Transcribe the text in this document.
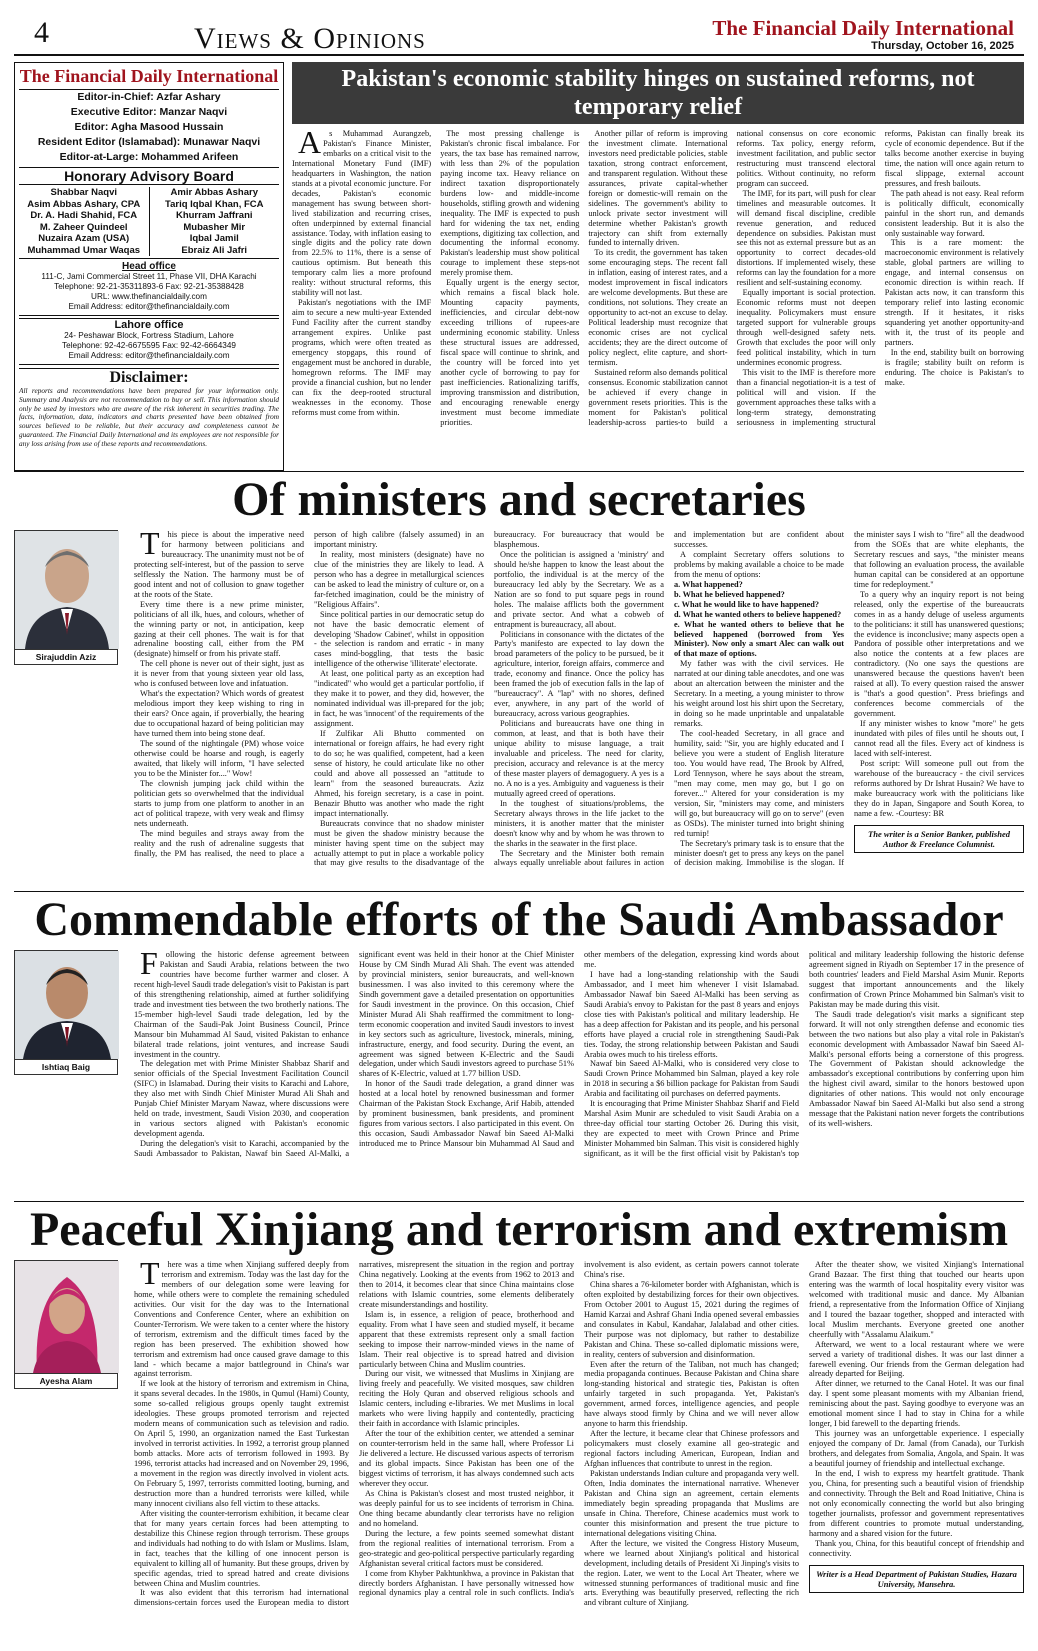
4	Views & Opinions	The Financial Daily International
Thursday, October 16, 2025
The Financial Daily International
Editor-in-Chief: Azfar Ashary
Executive Editor: Manzar Naqvi
Editor: Agha Masood Hussain
Resident Editor (Islamabad): Munawar Naqvi
Editor-at-Large: Mohammed Arifeen
Honorary Advisory Board
Shabbar Naqvi
Asim Abbas Ashary, CPA
Dr. A. Hadi Shahid, FCA
M. Zaheer Quindeel
Nuzaira Azam (USA)
Muhammad Umar Waqas
Amir Abbas Ashary
Tariq Iqbal Khan, FCA
Khurram Jaffrani
Mubasher Mir
Iqbal Jamil
Ebraiz Ali Jafri
Head office
111-C, Jami Commercial Street 11, Phase VII, DHA Karachi
Telephone: 92-21-35311893-6 Fax: 92-21-35388428
URL: www.thefinancialdaily.com
Email Address: editor@thefinancialdaily.com
Lahore office
24- Peshawar Block, Fortress Stadium, Lahore
Telephone: 92-42-6675595 Fax: 92-42-6664349
Email Address: editor@thefinancialdaily.com
Disclaimer:
All reports and recommendations have been prepared for your information only. Summary and Analysis are not recommendation to buy or sell. This information should only be used by investors who are aware of the risk inherent in securities trading. The facts, information, data, indicators and charts presented have been obtained from sources believed to be reliable, but their accuracy and completeness cannot be guaranteed. The Financial Daily International and its employees are not responsible for any loss arising from use of these reports and recommendations.
Pakistan's economic stability hinges on sustained reforms, not temporary relief

As Muhammad Aurangzeb, Pakistan's Finance Minister, embarks on a critical visit to the International Monetary Fund (IMF) headquarters in Washington, the nation stands at a pivotal economic juncture. For decades, Pakistan's economic management has swung between short-lived stabilization and recurring crises, often underpinned by external financial assistance. Today, with inflation easing to single digits and the policy rate down from 22.5% to 11%, there is a sense of cautious optimism. But beneath this temporary calm lies a more profound reality: without structural reforms, this stability will not last.

Pakistan's negotiations with the IMF aim to secure a new multi-year Extended Fund Facility after the current standby arrangement expires. Unlike past programs, which were often treated as emergency stopgaps, this round of engagement must be anchored in durable, homegrown reforms. The IMF may provide a financial cushion, but no lender can fix the deep-rooted structural weaknesses in the economy. Those reforms must come from within.

The most pressing challenge is Pakistan's chronic fiscal imbalance. For years, the tax base has remained narrow, with less than 2% of the population paying income tax. Heavy reliance on indirect taxation disproportionately burdens low- and middle-income households, stifling growth and widening inequality. The IMF is expected to push hard for widening the tax net, ending exemptions, digitizing tax collection, and documenting the informal economy. Pakistan's leadership must show political courage to implement these steps-not merely promise them.

Equally urgent is the energy sector, which remains a fiscal black hole. Mounting capacity payments, inefficiencies, and circular debt-now exceeding trillions of rupees-are undermining economic stability. Unless these structural issues are addressed, fiscal space will continue to shrink, and the country will be forced into yet another cycle of borrowing to pay for past inefficiencies. Rationalizing tariffs, improving transmission and distribution, and encouraging renewable energy investment must become immediate priorities.

Another pillar of reform is improving the investment climate. International investors need predictable policies, stable taxation, strong contract enforcement, and transparent regulation. Without these assurances, private capital-whether foreign or domestic-will remain on the sidelines. The government's ability to unlock private sector investment will determine whether Pakistan's growth trajectory can shift from externally funded to internally driven.

To its credit, the government has taken some encouraging steps. The recent fall in inflation, easing of interest rates, and a modest improvement in fiscal indicators are welcome developments. But these are conditions, not solutions. They create an opportunity to act-not an excuse to delay. Political leadership must recognize that economic crises are not cyclical accidents; they are the direct outcome of policy neglect, elite capture, and short-termism.

Sustained reform also demands political consensus. Economic stabilization cannot be achieved if every change in government resets priorities. This is the moment for Pakistan's political leadership-across parties-to build a national consensus on core economic reforms. Tax policy, energy reform, investment facilitation, and public sector restructuring must transcend electoral politics. Without continuity, no reform program can succeed.

The IMF, for its part, will push for clear timelines and measurable outcomes. It will demand fiscal discipline, credible revenue generation, and reduced dependence on subsidies. Pakistan must see this not as external pressure but as an opportunity to correct decades-old distortions. If implemented wisely, these reforms can lay the foundation for a more resilient and self-sustaining economy.

Equally important is social protection. Economic reforms must not deepen inequality. Policymakers must ensure targeted support for vulnerable groups through well-designed safety nets. Growth that excludes the poor will only feed political instability, which in turn undermines economic progress.

This visit to the IMF is therefore more than a financial negotiation-it is a test of political will and vision. If the government approaches these talks with a long-term strategy, demonstrating seriousness in implementing structural reforms, Pakistan can finally break its cycle of economic dependence. But if the talks become another exercise in buying time, the nation will once again return to fiscal slippage, external account pressures, and fresh bailouts.

The path ahead is not easy. Real reform is politically difficult, economically painful in the short run, and demands consistent leadership. But it is also the only sustainable way forward.

This is a rare moment: the macroeconomic environment is relatively stable, global partners are willing to engage, and internal consensus on economic direction is within reach. If Pakistan acts now, it can transform this temporary relief into lasting economic strength. If it hesitates, it risks squandering yet another opportunity-and with it, the trust of its people and partners.

In the end, stability built on borrowing is fragile; stability built on reform is enduring. The choice is Pakistan's to make.

Of ministers and secretaries
Sirajuddin Aziz

This piece is about the imperative need for harmony between politicians and bureaucracy. The unanimity must not be of protecting self-interest, but of the passion to serve selflessly the Nation. The harmony must be of good intent and not of collusion to gnaw together at the roots of the State.

Every time there is a new prime minister, politicians of all ilk, hues, and colours, whether of the winning party or not, in anticipation, keep gazing at their cell phones. The wait is for that adrenaline boosting call, either from the PM (designate) himself or from his private staff.

The cell phone is never out of their sight, just as it is never from that young sixteen year old lass, who is confused between love and infatuation.

What's the expectation? Which words of greatest melodious import they keep wishing to ring in their ears? Once again, if proverbially, the hearing due to occupational hazard of being politician may have turned them into being stone deaf.

The sound of the nightingale (PM) whose voice otherwise could be hoarse and rough, is eagerly awaited, that likely will inform, "I have selected you to be the Minister for...." Wow!

The clownish jumping jack child within the politician gets so overwhelmed that the individual starts to jump from one platform to another in an act of political trapeze, with very weak and flimsy nets underneath.

The mind beguiles and strays away from the reality and the rush of adrenaline suggests that finally, the PM has realised, the need to place a person of high calibre (falsely assumed) in an important ministry.

In reality, most ministers (designate) have no clue of the ministries they are likely to lead. A person who has a degree in metallurgical sciences can be asked to lead the ministry of culture or, on a far-fetched imagination, could be the ministry of "Religious Affairs".

Since political parties in our democratic setup do not have the basic democratic element of developing 'Shadow Cabinet', whilst in opposition - the selection is random and erratic - in many cases mind-boggling, that tests the basic intelligence of the otherwise 'illiterate' electorate.

At least, one political party as an exception had "indicated" who would get a particular portfolio, if they make it to power, and they did, however, the nominated individual was ill-prepared for the job; in fact, he was 'innocent' of the requirements of the assignment.

If Zulfikar Ali Bhutto commented on international or foreign affairs, he had every right to do so; he was qualified, competent, had a keen sense of history, he could articulate like no other could and above all possessed an "attitude to learn" from the seasoned bureaucrats. Aziz Ahmed, his foreign secretary, is a case in point. Benazir Bhutto was another who made the right impact internationally.

Bureaucrats convince that no shadow minister must be given the shadow ministry because the minister having spent time on the subject may actually attempt to put in place a workable policy that may give results to the disadvantage of the bureaucracy. For bureaucracy that would be blasphemous.

Once the politician is assigned a 'ministry' and should he/she happen to know the least about the portfolio, the individual is at the mercy of the bureaucracy led ably by the Secretary. We as a Nation are so fond to put square pegs in round holes. The malaise afflicts both the government and private sector. And what a cobweb of entrapment is bureaucracy, all about.

Politicians in consonance with the dictates of the Party's manifesto are expected to lay down the broad parameters of the policy to be pursued, be it agriculture, interior, foreign affairs, commerce and trade, economy and finance. Once the policy has been framed the job of execution falls in the lap of "bureaucracy". A "lap" with no shores, defined ever, anywhere, in any part of the world of bureaucracy, across various geographies.

Politicians and bureaucrats have one thing in common, at least, and that is both have their unique ability to misuse language, a trait invaluable and priceless. The need for clarity, precision, accuracy and relevance is at the mercy of these master players of demagoguery. A yes is a no. A no is a yes. Ambiguity and vagueness is their mutually agreed creed of operations.

In the toughest of situations/problems, the Secretary always throws in the life jacket to the ministers, it is another matter that the minister doesn't know why and by whom he was thrown to the sharks in the seawater in the first place.

The Secretary and the Minister both remain always equally unreliable about failures in action and implementation but are confident about successes.

A complaint Secretary offers solutions to problems by making available a choice to be made from the menu of options:

a. What happened?
b. What he believed happened?
c. What he would like to have happened?
d. What he wanted others to believe happened?
e. What he wanted others to believe that he believed happened (borrowed from Yes Minister). Now only a smart Alec can walk out of that maze of options.

My father was with the civil services. He narrated at our dining table anecdotes, and one was about an altercation between the minister and the Secretary. In a meeting, a young minister to throw his weight around lost his shirt upon the Secretary, in doing so he made unprintable and unpalatable remarks.

The cool-headed Secretary, in all grace and humility, said: "Sir, you are highly educated and I believe you were a student of English literature too. You would have read, The Brook by Alfred, Lord Tennyson, where he says about the stream, "men may come, men may go, but I go on forever..." Altered for your consideration is my version, Sir, "ministers may come, and ministers will go, but bureaucracy will go on to serve" (even as OSDs). The minister turned into bright shining red turnip!

The Secretary's primary task is to ensure that the minister doesn't get to press any keys on the panel of decision making. Immobilise is the slogan. If the minister says I wish to "fire" all the deadwood from the SOEs that are white elephants, the Secretary rescues and says, "the minister means that following an evaluation process, the available human capital can be considered at an opportune time for redeployment."

To a query why an inquiry report is not being released, only the expertise of the bureaucrats comes in as a handy deluge of useless arguments to the politicians: it still has unanswered questions; the evidence is inconclusive; many aspects open a Pandora of possible other interpretations and we also notice the contents at a few places are contradictory. (No one says the questions are unanswered because the questions haven't been raised at all). To every question raised the answer is "that's a good question". Press briefings and conferences become commercials of the government.

If any minister wishes to know "more" he gets inundated with piles of files until he shouts out, I cannot read all the files. Every act of kindness is laced with self-interest.

Post script: Will someone pull out from the warehouse of the bureaucracy - the civil services reforms authored by Dr Ishrat Husain? We have to make bureaucracy work with the politicians like they do in Japan, Singapore and South Korea, to name a few. -Courtesy: BR

The writer is a Senior Banker, published Author & Freelance Columnist.
Commendable efforts of the Saudi Ambassador
Ishtiaq Baig

Following the historic defense agreement between Pakistan and Saudi Arabia, relations between the two countries have become further warmer and closer. A recent high-level Saudi trade delegation's visit to Pakistan is part of this strengthening relationship, aimed at further solidifying trade and investment ties between the two brotherly nations. The 15-member high-level Saudi trade delegation, led by the Chairman of the Saudi-Pak Joint Business Council, Prince Mansour bin Muhammad Al Saud, visited Pakistan to enhance bilateral trade relations, joint ventures, and increase Saudi investment in the country.

The delegation met with Prime Minister Shabbaz Sharif and senior officials of the Special Investment Facilitation Council (SIFC) in Islamabad. During their visits to Karachi and Lahore, they also met with Sindh Chief Minister Murad Ali Shah and Punjab Chief Minister Maryam Nawaz, where discussions were held on trade, investment, Saudi Vision 2030, and cooperation in various sectors aligned with Pakistan's economic development agenda.

During the delegation's visit to Karachi, accompanied by the Saudi Ambassador to Pakistan, Nawaf bin Saeed Al-Malki, a significant event was held in their honor at the Chief Minister House by CM Sindh Murad Ali Shah. The event was attended by provincial ministers, senior bureaucrats, and well-known businessmen. I was also invited to this ceremony where the Sindh government gave a detailed presentation on opportunities for Saudi investment in the province. On this occasion, Chief Minister Murad Ali Shah reaffirmed the commitment to long-term economic cooperation and invited Saudi investors to invest in key sectors such as agriculture, livestock, minerals, mining, infrastructure, energy, and food security. During the event, an agreement was signed between K-Electric and the Saudi delegation, under which Saudi investors agreed to purchase 51% shares of K-Electric, valued at 1.77 billion USD.

In honor of the Saudi trade delegation, a grand dinner was hosted at a local hotel by renowned businessman and former Chairman of the Pakistan Stock Exchange, Arif Habib, attended by prominent businessmen, bank presidents, and prominent figures from various sectors. I also participated in this event. On this occasion, Saudi Ambassador Nawaf bin Saeed Al-Malki introduced me to Prince Mansour bin Muhammad Al Saud and other members of the delegation, expressing kind words about me.

I have had a long-standing relationship with the Saudi Ambassador, and I meet him whenever I visit Islamabad. Ambassador Nawaf bin Saeed Al-Malki has been serving as Saudi Arabia's envoy to Pakistan for the past 8 years and enjoys close ties with Pakistan's political and military leadership. He has a deep affection for Pakistan and its people, and his personal efforts have played a crucial role in strengthening Saudi-Pak ties. Today, the strong relationship between Pakistan and Saudi Arabia owes much to his tireless efforts.

Nawaf bin Saeed Al-Malki, who is considered very close to Saudi Crown Prince Mohammed bin Salman, played a key role in 2018 in securing a $6 billion package for Pakistan from Saudi Arabia and facilitating oil purchases on deferred payments.

It is encouraging that Prime Minister Shahbaz Sharif and Field Marshal Asim Munir are scheduled to visit Saudi Arabia on a three-day official tour starting October 26. During this visit, they are expected to meet with Crown Prince and Prime Minister Mohammed bin Salman. This visit is considered highly significant, as it will be the first official visit by Pakistan's top political and military leadership following the historic defense agreement signed in Riyadh on September 17 in the presence of both countries' leaders and Field Marshal Asim Munir. Reports suggest that important announcements and the likely confirmation of Crown Prince Mohammed bin Salman's visit to Pakistan may be made during this visit.

The Saudi trade delegation's visit marks a significant step forward. It will not only strengthen defense and economic ties between the two nations but also play a vital role in Pakistan's economic development with Ambassador Nawaf bin Saeed Al-Malki's personal efforts being a cornerstone of this progress. The Government of Pakistan should acknowledge the ambassador's exceptional contributions by conferring upon him the highest civil award, similar to the honors bestowed upon dignitaries of other nations. This would not only encourage Ambassador Nawaf bin Saeed Al-Malki but also send a strong message that the Pakistani nation never forgets the contributions of its well-wishers.

Peaceful Xinjiang and terrorism and extremism
Ayesha Alam

There was a time when Xinjiang suffered deeply from terrorism and extremism. Today was the last day for the members of our delegation some were leaving for home, while others were to complete the remaining scheduled activities. Our visit for the day was to the International Conventions and Conference Center, where an exhibition on Counter-Terrorism. We were taken to a center where the history of terrorism, extremism and the difficult times faced by the region has been preserved. The exhibition showed how terrorism and extremism had once caused grave damage to this land - which became a major battleground in China's war against terrorism.

If we look at the history of terrorism and extremism in China, it spans several decades. In the 1980s, in Qumul (Hami) County, some so-called religious groups openly taught extremist ideologies. These groups promoted terrorism and rejected modern means of communication such as television and radio. On April 5, 1990, an organization named the East Turkestan involved in terrorist activities. In 1992, a terrorist group planned bomb attacks. More acts of terrorism followed in 1993. By 1996, terrorist attacks had increased and on November 29, 1996, a movement in the region was directly involved in violent acts. On February 5, 1997, terrorists committed looting, burning, and destruction more than a hundred terrorists were killed, while many innocent civilians also fell victim to these attacks.

After visiting the counter-terrorism exhibition, it became clear that for many years certain forces had been attempting to destabilize this Chinese region through terrorism. These groups and individuals had nothing to do with Islam or Muslims. Islam, in fact, teaches that the killing of one innocent person is equivalent to killing all of humanity. But these groups, driven by specific agendas, tried to spread hatred and create divisions between China and Muslim countries.

It was also evident that this terrorism had international dimensions-certain forces used the European media to distort narratives, misrepresent the situation in the region and portray China negatively. Looking at the events from 1962 to 2013 and then to 2014, it becomes clear that since China maintains close relations with Islamic countries, some elements deliberately create misunderstandings and hostility.

Islam is, in essence, a religion of peace, brotherhood and equality. From what I have seen and studied myself, it became apparent that these extremists represent only a small faction seeking to impose their narrow-minded views in the name of Islam. Their real objective is to spread hatred and division particularly between China and Muslim countries.

During our visit, we witnessed that Muslims in Xinjiang are living freely and peacefully. We visited mosques, saw children reciting the Holy Quran and observed religious schools and Islamic centers, including e-libraries. We met Muslims in local markets who were living happily and contentedly, practicing their faith in accordance with Islamic principles.

After the tour of the exhibition center, we attended a seminar on counter-terrorism held in the same hall, where Professor Li Jie delivered a lecture. He discussed various aspects of terrorism and its global impacts. Since Pakistan has been one of the biggest victims of terrorism, it has always condemned such acts wherever they occur.

As China is Pakistan's closest and most trusted neighbor, it was deeply painful for us to see incidents of terrorism in China. One thing became abundantly clear terrorists have no religion and no homeland.

During the lecture, a few points seemed somewhat distant from the regional realities of international terrorism. From a geo-strategic and geo-political perspective particularly regarding Afghanistan several critical factors must be considered.

I come from Khyber Pakhtunkhwa, a province in Pakistan that directly borders Afghanistan. I have personally witnessed how regional dynamics play a central role in such conflicts. India's involvement is also evident, as certain powers cannot tolerate China's rise.

China shares a 76-kilometer border with Afghanistan, which is often exploited by destabilizing forces for their own objectives. From October 2001 to August 15, 2021 during the regimes of Hamid Karzai and Ashraf Ghani India opened several embassies and consulates in Kabul, Kandahar, Jalalabad and other cities. Their purpose was not diplomacy, but rather to destabilize Pakistan and China. These so-called diplomatic missions were, in reality, centers of subversion and disinformation.

Even after the return of the Taliban, not much has changed; media propaganda continues. Because Pakistan and China share long-standing historical and strategic ties, Pakistan is often unfairly targeted in such propaganda. Yet, Pakistan's government, armed forces, intelligence agencies, and people have always stood firmly by China and we will never allow anyone to harm this friendship.

After the lecture, it became clear that Chinese professors and policymakers must closely examine all geo-strategic and regional factors including American, European, Indian and Afghan influences that contribute to unrest in the region.

Pakistan understands Indian culture and propaganda very well. Often, India dominates the international narrative. Whenever Pakistan and China sign an agreement, certain elements immediately begin spreading propaganda that Muslims are unsafe in China. Therefore, Chinese academics must work to counter this misinformation and present the true picture to international delegations visiting China.

After the lecture, we visited the Congress History Museum, where we learned about Xinjiang's political and historical development, including details of President Xi Jinping's visits to the region. Later, we went to the Local Art Theater, where we witnessed stunning performances of traditional music and fine arts. Everything was beautifully preserved, reflecting the rich and vibrant culture of Xinjiang.

After the theater show, we visited Xinjiang's International Grand Bazaar. The first thing that touched our hearts upon entering was the warmth of local hospitality every visitor was welcomed with traditional music and dance. My Albanian friend, a representative from the Information Office of Xinjiang and I toured the bazaar together, shopped and interacted with local Muslim merchants. Everyone greeted one another cheerfully with "Assalamu Alaikum."

Afterward, we went to a local restaurant where we were served a variety of traditional dishes. It was our last dinner a farewell evening. Our friends from the German delegation had already departed for Beijing.

After dinner, we returned to the Canal Hotel. It was our final day. I spent some pleasant moments with my Albanian friend, reminiscing about the past. Saying goodbye to everyone was an emotional moment since I had to stay in China for a while longer, I bid farewell to the departing friends.

This journey was an unforgettable experience. I especially enjoyed the company of Dr. Jamal (from Canada), our Turkish brothers, and delegates from Somalia, Angola, and Spain. It was a beautiful journey of friendship and intellectual exchange.

In the end, I wish to express my heartfelt gratitude. Thank you, China, for presenting such a beautiful vision of friendship and connectivity. Through the Belt and Road Initiative, China is not only economically connecting the world but also bringing together journalists, professor and government representatives from different countries to promote mutual understanding, harmony and a shared vision for the future.

Thank you, China, for this beautiful concept of friendship and connectivity.

Writer is a Head Department of Pakistan Studies, Hazara University, Mansehra.
